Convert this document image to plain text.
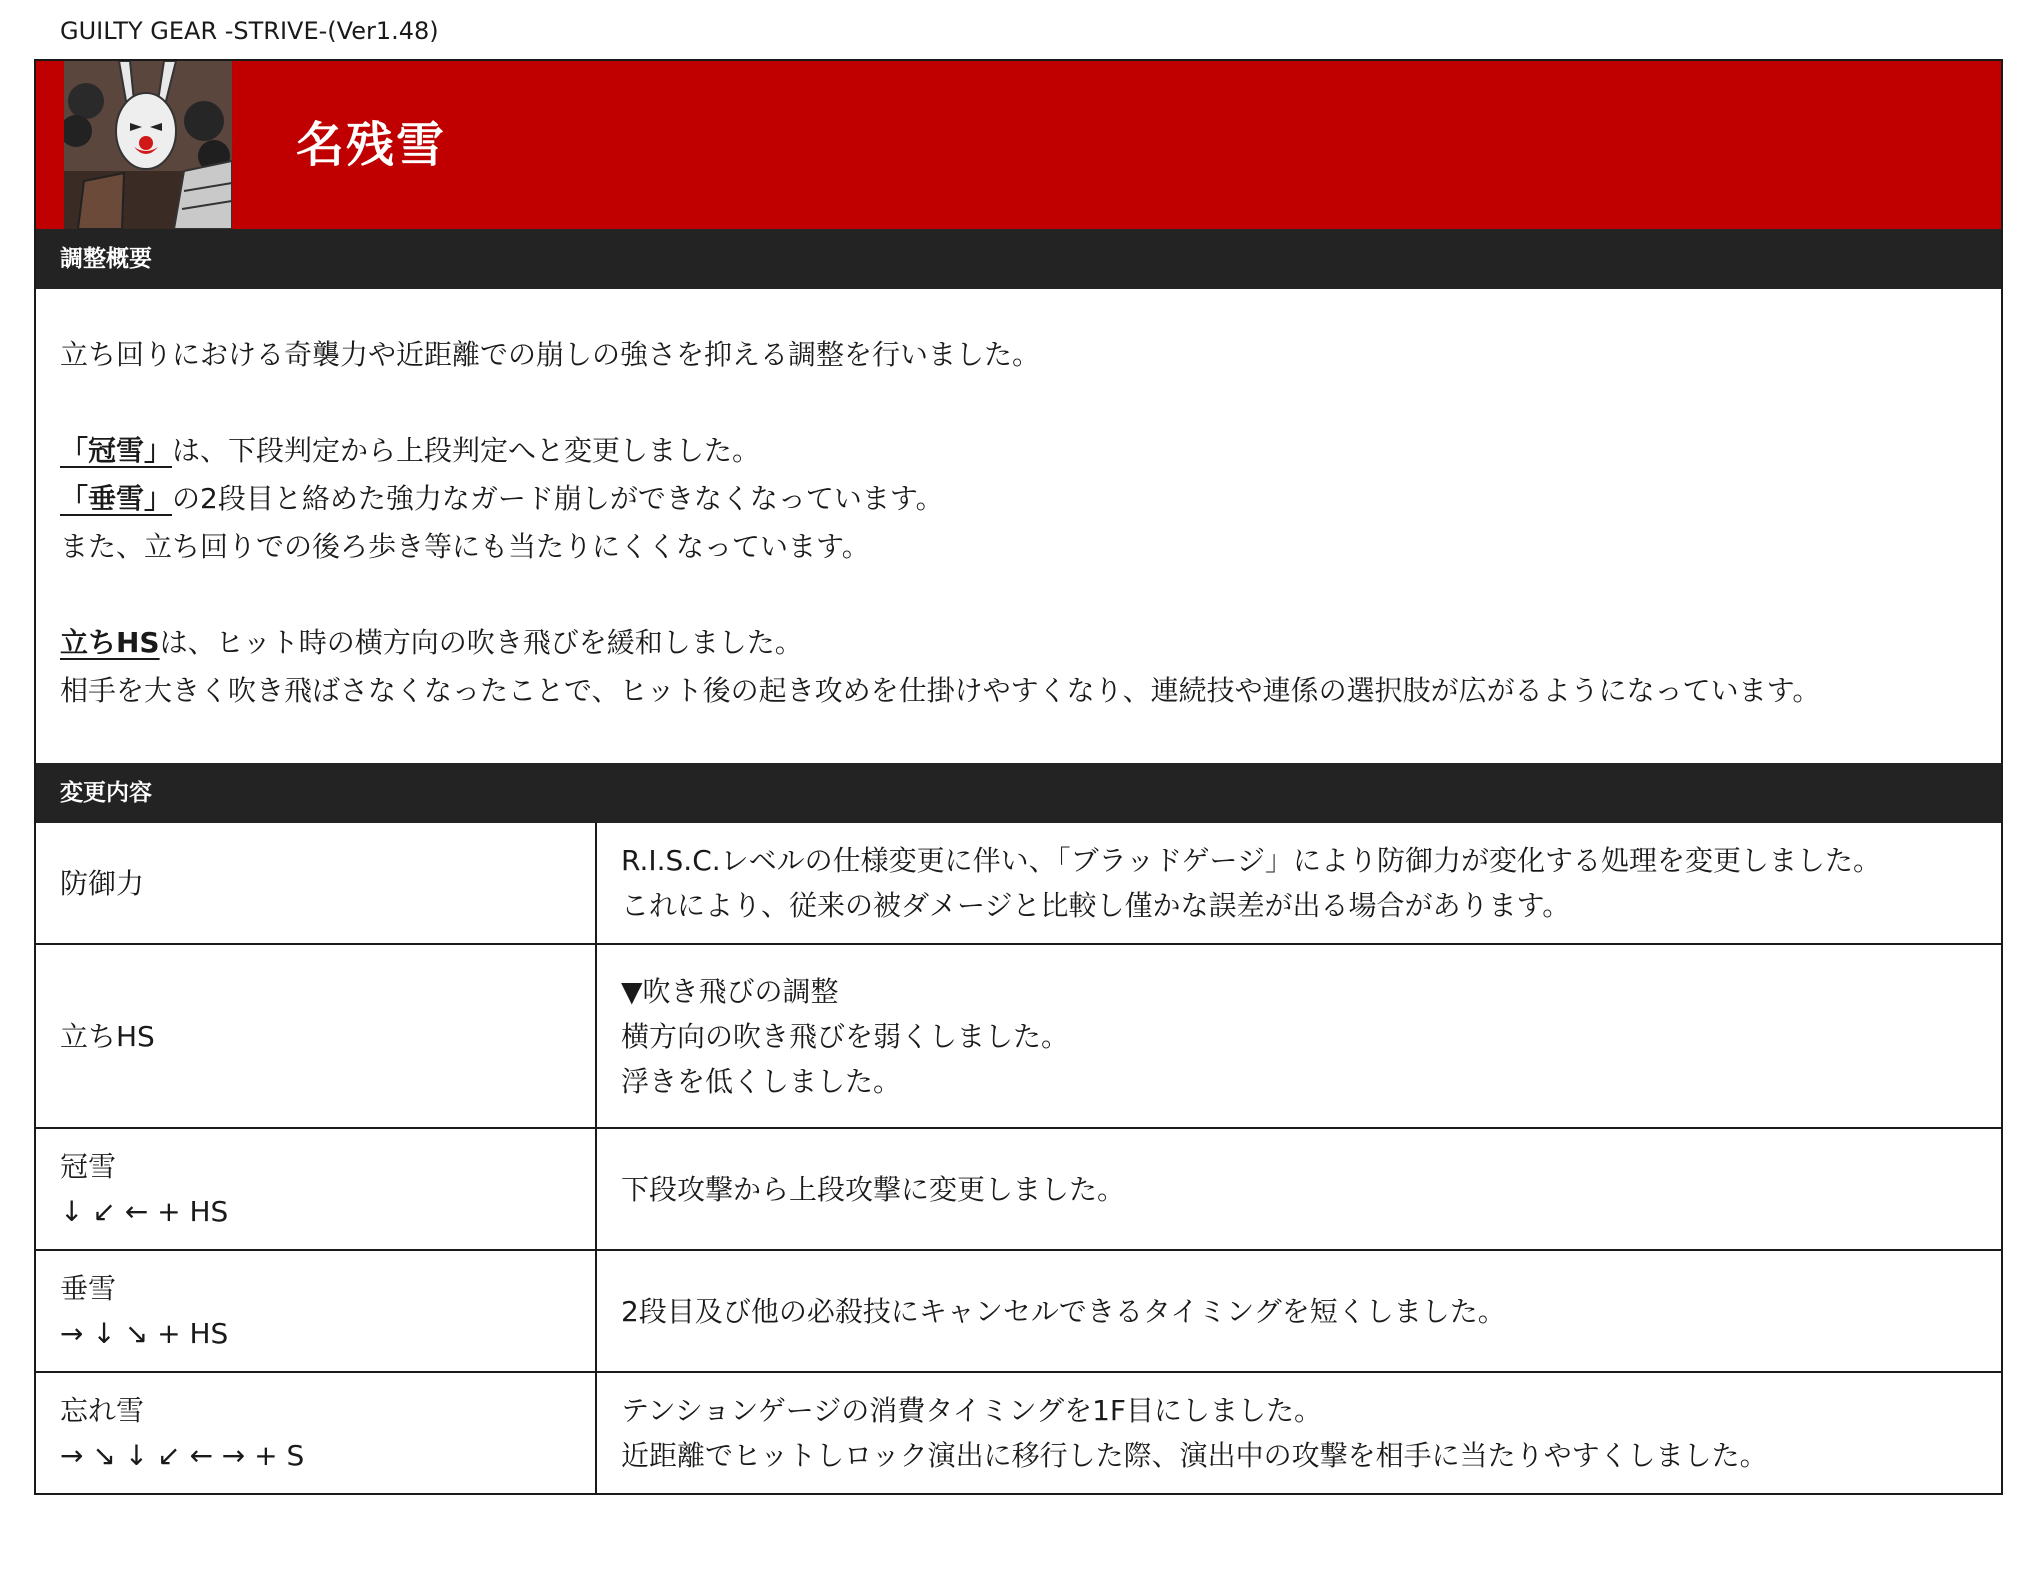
GUILTY GEAR -STRIVE-(Ver1.48)
名残雪
調整概要

立ち回りにおける奇襲力や近距離での崩しの強さを抑える調整を行いました。

「冠雪」は、下段判定から上段判定へと変更しました。

「垂雪」の2段目と絡めた強力なガード崩しができなくなっています。

また、立ち回りでの後ろ歩き等にも当たりにくくなっています。

立ちHSは、ヒット時の横方向の吹き飛びを緩和しました。

相手を大きく吹き飛ばさなくなったことで、ヒット後の起き攻めを仕掛けやすくなり、連続技や連係の選択肢が広がるようになっています。

変更内容
防御力	R.I.S.C.レベルの仕様変更に伴い、「ブラッドゲージ」により防御力が変化する処理を変更しました。
これにより、従来の被ダメージと比較し僅かな誤差が出る場合があります。

立ちHS	▼吹き飛びの調整
横方向の吹き飛びを弱くしました。
浮きを低くしました。

冠雪
↓ ↙ ← + HS	下段攻撃から上段攻撃に変更しました。

垂雪
→ ↓ ↘ + HS	2段目及び他の必殺技にキャンセルできるタイミングを短くしました。

忘れ雪
→ ↘ ↓ ↙ ← → + S	テンションゲージの消費タイミングを1F目にしました。
近距離でヒットしロック演出に移行した際、演出中の攻撃を相手に当たりやすくしました。
